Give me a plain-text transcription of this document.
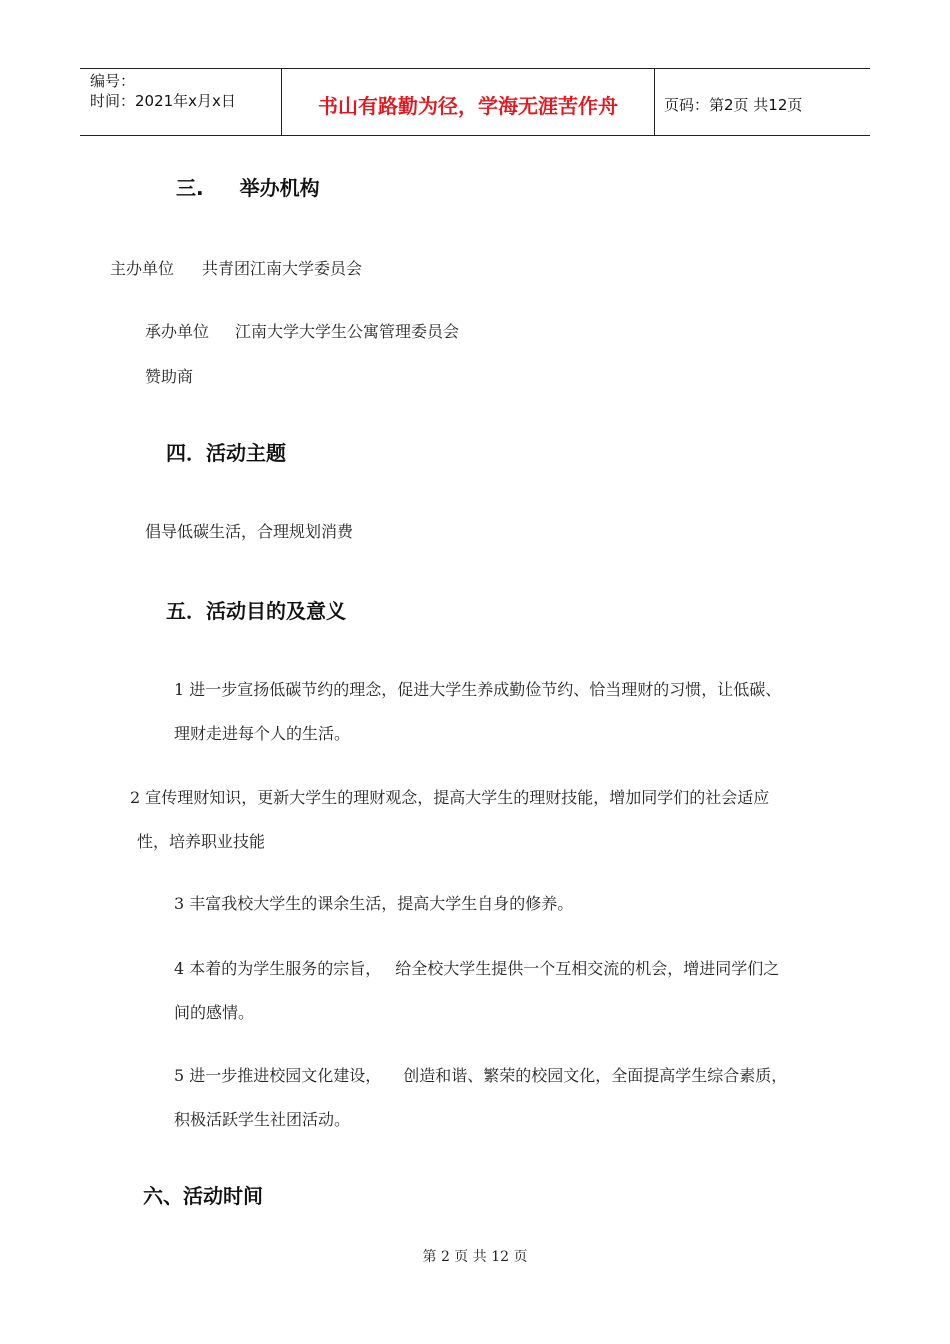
编号：
时间：2021年x月x日	书山有路勤为径，学海无涯苦作舟	页码：第2页 共12页
三. 举办机构
主办单位 共青团江南大学委员会
承办单位 江南大学大学生公寓管理委员会
赞助商
四．活动主题
倡导低碳生活，合理规划消费
五．活动目的及意义
1 进一步宣扬低碳节约的理念，促进大学生养成勤俭节约、恰当理财的习惯，让低碳、
理财走进每个人的生活。
2 宣传理财知识，更新大学生的理财观念，提高大学生的理财技能，增加同学们的社会适应
性，培养职业技能
3 丰富我校大学生的课余生活，提高大学生自身的修养。
4 本着的为学生服务的宗旨， 给全校大学生提供一个互相交流的机会，增进同学们之
间的感情。
5 进一步推进校园文化建设， 创造和谐、繁荣的校园文化，全面提高学生综合素质，
积极活跃学生社团活动。
六、活动时间
第 2 页 共 12 页
